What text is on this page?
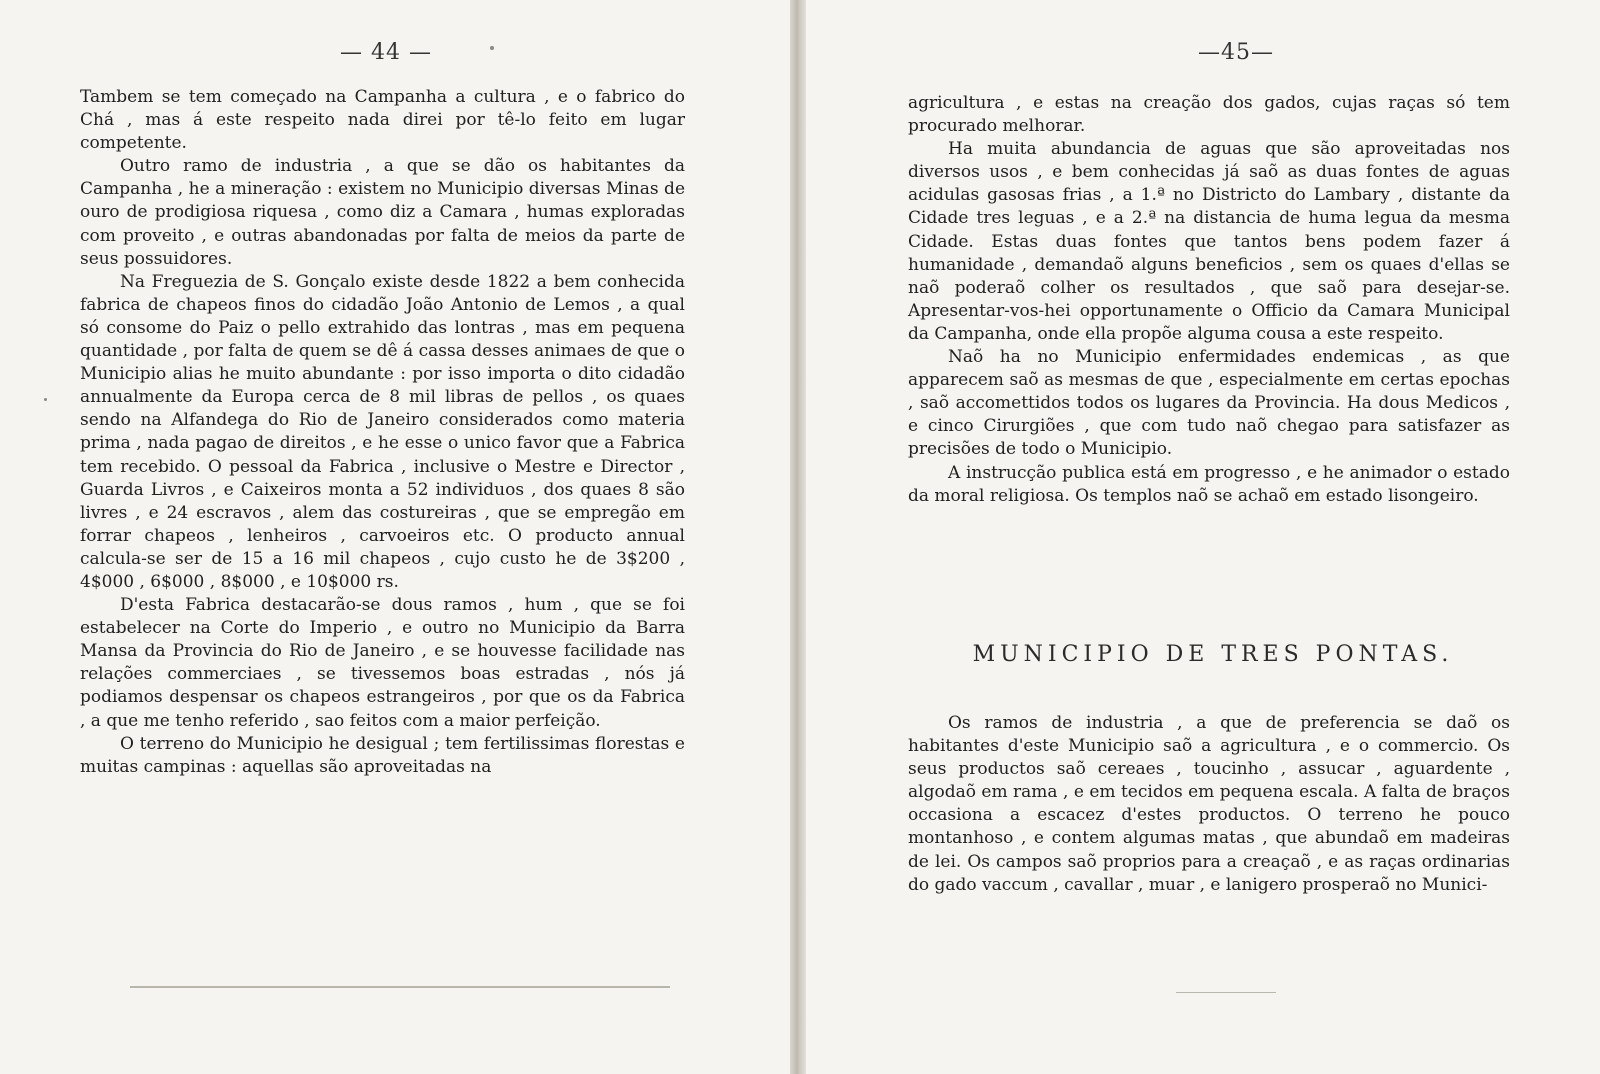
— 44 —

Tambem se tem começado na Campanha a cultura , e o fabrico do Chá , mas á este respeito nada direi por tê-lo feito em lugar competente.

Outro ramo de industria , a que se dão os habitantes da Campanha , he a mineração : existem no Municipio diversas Minas de ouro de prodigiosa riquesa , como diz a Camara , humas exploradas com proveito , e outras abandonadas por falta de meios da parte de seus possuidores.

Na Freguezia de S. Gonçalo existe desde 1822 a bem conhecida fabrica de chapeos finos do cidadão João Antonio de Lemos , a qual só consome do Paiz o pello extrahido das lontras , mas em pequena quantidade , por falta de quem se dê á cassa desses animaes de que o Municipio alias he muito abundante : por isso importa o dito cidadão annualmente da Europa cerca de 8 mil libras de pellos , os quaes sendo na Alfandega do Rio de Janeiro considerados como materia prima , nada pagao de direitos , e he esse o unico favor que a Fabrica tem recebido. O pessoal da Fabrica , inclusive o Mestre e Director , Guarda Livros , e Caixeiros monta a 52 individuos , dos quaes 8 são livres , e 24 escravos , alem das costureiras , que se empregão em forrar chapeos , lenheiros , carvoeiros etc. O producto annual calcula-se ser de 15 a 16 mil chapeos , cujo custo he de 3$200 , 4$000 , 6$000 , 8$000 , e 10$000 rs.

D'esta Fabrica destacarão-se dous ramos , hum , que se foi estabelecer na Corte do Imperio , e outro no Municipio da Barra Mansa da Provincia do Rio de Janeiro , e se houvesse facilidade nas relações commerciaes , se tivessemos boas estradas , nós já podiamos despensar os chapeos estrangeiros , por que os da Fabrica , a que me tenho referido , sao feitos com a maior perfeição.

O terreno do Municipio he desigual ; tem fertilissimas florestas e muitas campinas : aquellas são aproveitadas na

—45—

agricultura , e estas na creação dos gados, cujas raças só tem procurado melhorar.

Ha muita abundancia de aguas que são aproveitadas nos diversos usos , e bem conhecidas já saõ as duas fontes de aguas acidulas gasosas frias , a 1.ª no Districto do Lambary , distante da Cidade tres leguas , e a 2.ª na distancia de huma legua da mesma Cidade. Estas duas fontes que tantos bens podem fazer á humanidade , demandaõ alguns beneficios , sem os quaes d'ellas se naõ poderaõ colher os resultados , que saõ para desejar-se. Apresentar-vos-hei opportunamente o Officio da Camara Municipal da Campanha, onde ella propõe alguma cousa a este respeito.

Naõ ha no Municipio enfermidades endemicas , as que apparecem saõ as mesmas de que , especialmente em certas epochas , saõ accomettidos todos os lugares da Provincia. Ha dous Medicos , e cinco Cirurgiões , que com tudo naõ chegao para satisfazer as precisões de todo o Municipio.

A instrucção publica está em progresso , e he animador o estado da moral religiosa. Os templos naõ se achaõ em estado lisongeiro.

MUNICIPIO DE TRES PONTAS.

Os ramos de industria , a que de preferencia se daõ os habitantes d'este Municipio saõ a agricultura , e o commercio. Os seus productos saõ cereaes , toucinho , assucar , aguardente , algodaõ em rama , e em tecidos em pequena escala. A falta de braços occasiona a escacez d'estes productos. O terreno he pouco montanhoso , e contem algumas matas , que abundaõ em madeiras de lei. Os campos saõ proprios para a creaçaõ , e as raças ordinarias do gado vaccum , cavallar , muar , e lanigero prosperaõ no Munici-
